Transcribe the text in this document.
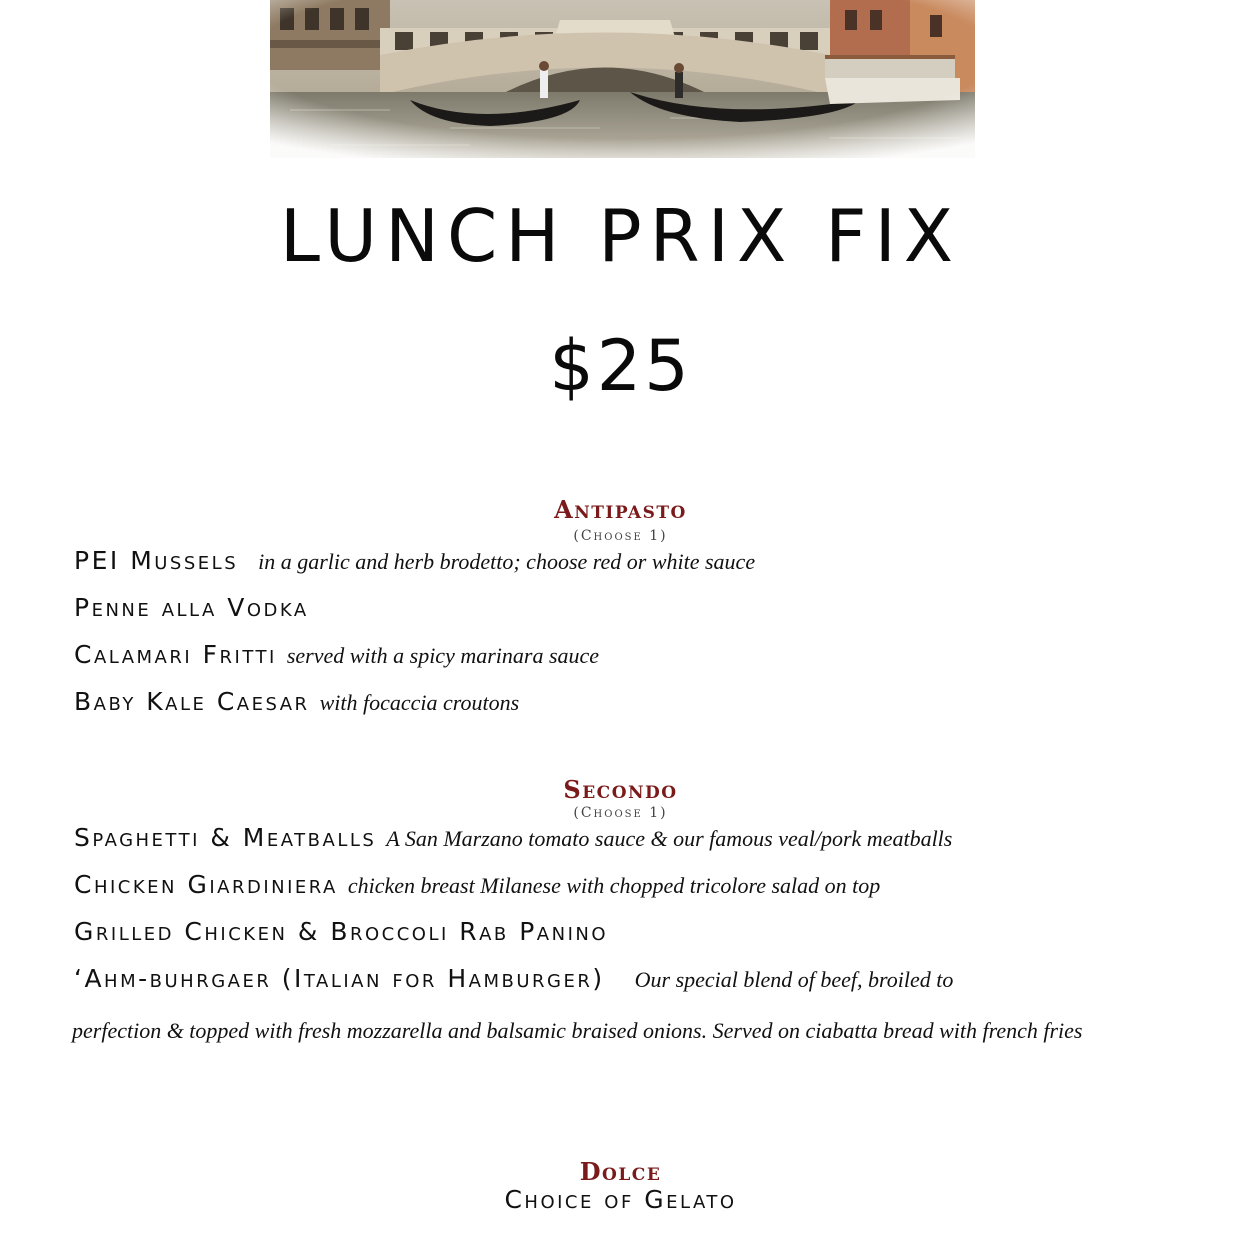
LUNCH PRIX FIX
$25
Antipasto
(Choose 1)
PEI Mussels in a garlic and herb brodetto; choose red or white sauce
Penne alla Vodka
Calamari Fritti served with a spicy marinara sauce
Baby Kale Caesar with focaccia croutons
Secondo
(Choose 1)
Spaghetti & Meatballs A San Marzano tomato sauce & our famous veal/pork meatballs
Chicken Giardiniera chicken breast Milanese with chopped tricolore salad on top
Grilled Chicken & Broccoli Rab Panino
‘Ahm-buhrgaer (Italian for Hamburger) Our special blend of beef, broiled to
perfection & topped with fresh mozzarella and balsamic braised onions. Served on ciabatta bread with french fries
Dolce
Choice of Gelato
